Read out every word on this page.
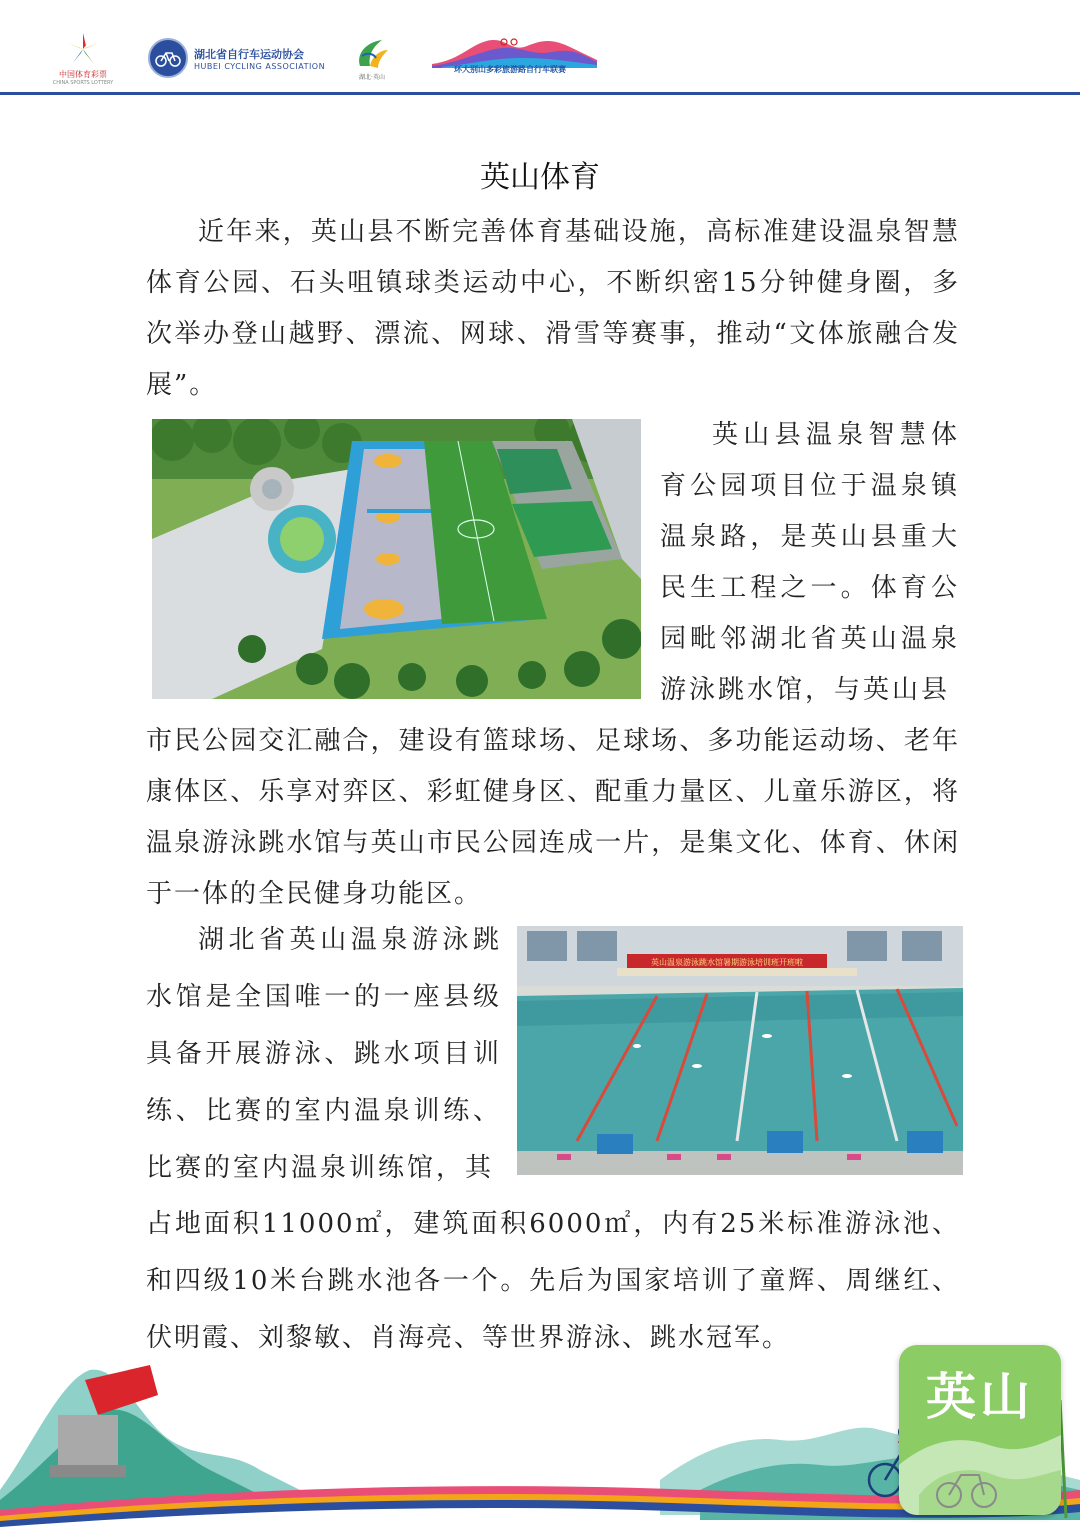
中国体育彩票
CHINA SPORTS LOTTERY
湖北省自行车运动协会
HUBEI CYCLING ASSOCIATION
湖北·英山
环大别山多彩旅游路自行车联赛
英山体育
近年来，英山县不断完善体育基础设施，高标准建设温泉智慧体育公园、石头咀镇球类运动中心，不断织密15分钟健身圈，多次举办登山越野、漂流、网球、滑雪等赛事，推动“文体旅融合发展”。
英山县温泉智慧体育公园项目位于温泉镇温泉路，是英山县重大民生工程之一。体育公园毗邻湖北省英山温泉游泳跳水馆，与英山县
市民公园交汇融合，建设有篮球场、足球场、多功能运动场、老年康体区、乐享对弈区、彩虹健身区、配重力量区、儿童乐游区，将温泉游泳跳水馆与英山市民公园连成一片，是集文化、体育、休闲于一体的全民健身功能区。
湖北省英山温泉游泳跳水馆是全国唯一的一座县级具备开展游泳、跳水项目训练、比赛的室内温泉训练、比赛的室内温泉训练馆，其
英山温泉游泳跳水馆暑期游泳培训班开班啦
占地面积11000㎡，建筑面积6000㎡，内有25米标准游泳池、和四级10米台跳水池各一个。先后为国家培训了童辉、周继红、伏明霞、刘黎敏、肖海亮、等世界游泳、跳水冠军。
英山
